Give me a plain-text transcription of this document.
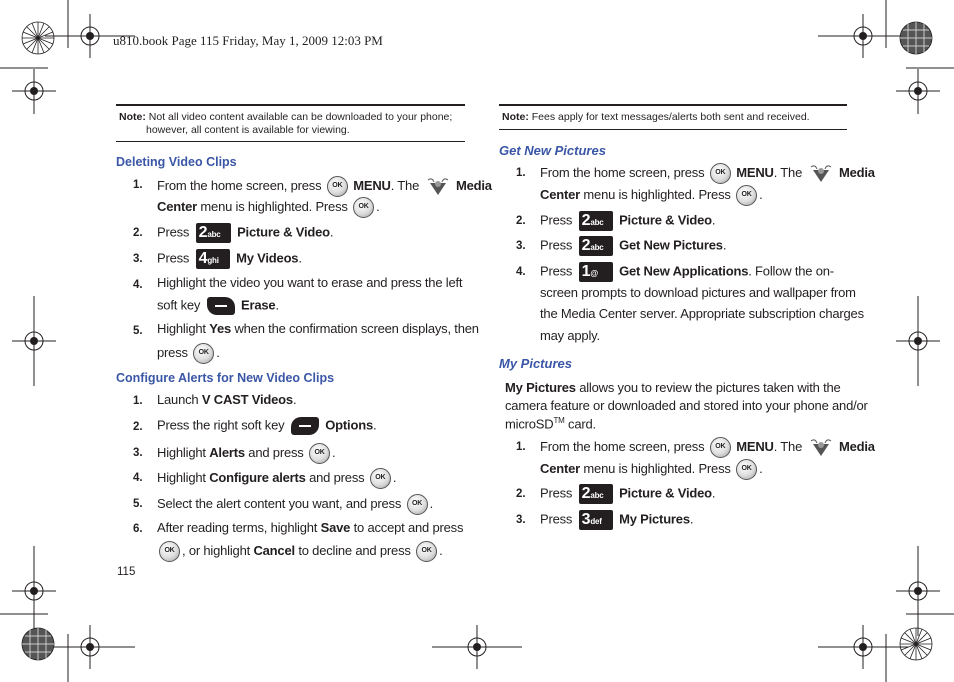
u810.book Page 115 Friday, May 1, 2009 12:03 PM
Note: Not all video content available can be downloaded to your phone;
however, all content is available for viewing.
Deleting Video Clips
1. From the home screen, press	OK MENU. The	Media
Center menu is highlighted. Press	OK .
2. Press 2abc Picture & Video.
3. Press 4ghi My Videos.
4. Highlight the video you want to erase and press the left
soft key	Erase.
5. Highlight Yes when the confirmation screen displays, then
press	OK .
Configure Alerts for New Video Clips
1. Launch V CAST Videos.
2. Press the right soft key	Options.
3. Highlight Alerts and press	OK .
4. Highlight Configure alerts and press	OK .
5. Select the alert content you want, and press	OK .
6. After reading terms, highlight Save to accept and press
OK , or highlight Cancel to decline and press	OK .
115
Note: Fees apply for text messages/alerts both sent and received.
Get New Pictures
1. From the home screen, press	OK MENU. The	Media
Center menu is highlighted. Press	OK .
2. Press 2abc Picture & Video.
3. Press 2abc Get New Pictures.
4. Press 1@ Get New Applications. Follow the on-
screen prompts to download pictures and wallpaper from
the Media Center server. Appropriate subscription charges
may apply.
My Pictures
My Pictures allows you to review the pictures taken with the
camera feature or downloaded and stored into your phone and/or
microSD™ card.
1. From the home screen, press	OK MENU. The	Media
Center menu is highlighted. Press	OK .
2. Press 2abc Picture & Video.
3. Press 3def My Pictures.
